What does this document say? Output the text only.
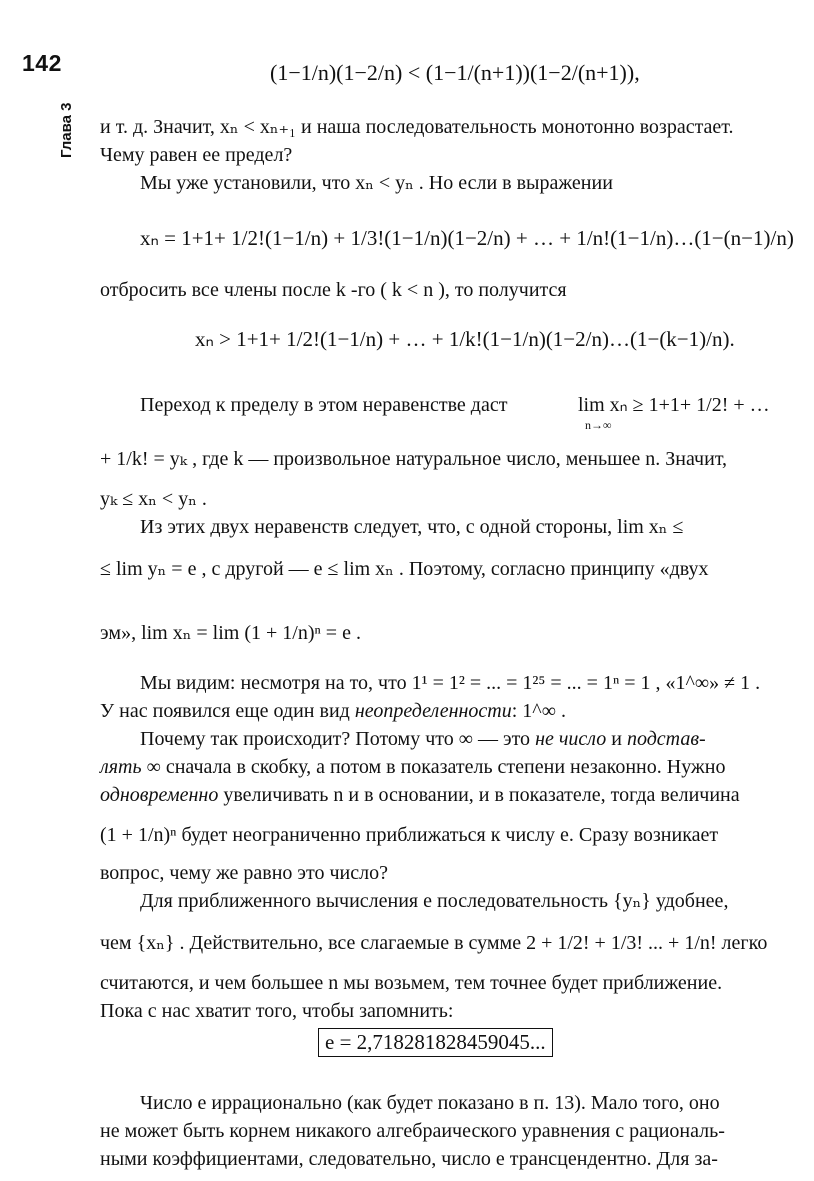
142
Глава 3
(1−1/n)(1−2/n) < (1−1/(n+1))(1−2/(n+1)),

и т. д. Значит, xₙ < xₙ₊₁ и наша последовательность монотонно возрастает.

Чему равен ее предел?

Мы уже установили, что xₙ < yₙ . Но если в выражении

xₙ = 1+1+ 1/2!(1−1/n) + 1/3!(1−1/n)(1−2/n) + … + 1/n!(1−1/n)…(1−(n−1)/n)

отбросить все члены после k -го ( k < n ), то получится

xₙ > 1+1+ 1/2!(1−1/n) + … + 1/k!(1−1/n)(1−2/n)…(1−(k−1)/n).

Переход к пределу в этом неравенстве даст	lim xₙ ≥ 1+1+ 1/2! + …
n→∞

+ 1/k! = yₖ , где k — произвольное натуральное число, меньшее n. Значит,

yₖ ≤ xₙ < yₙ .

Из этих двух неравенств следует, что, с одной стороны, lim xₙ ≤

≤ lim yₙ = e , с другой — e ≤ lim xₙ . Поэтому, согласно принципу «двух

эм», lim xₙ = lim (1 + 1/n)ⁿ = e .

Мы видим: несмотря на то, что 1¹ = 1² = ... = 1²⁵ = ... = 1ⁿ = 1 , «1^∞» ≠ 1 .

У нас появился еще один вид неопределенности: 1^∞ .

Почему так происходит? Потому что ∞ — это не число и подстав-

лять ∞ сначала в скобку, а потом в показатель степени незаконно. Нужно

одновременно увеличивать n и в основании, и в показателе, тогда величина

(1 + 1/n)ⁿ будет неограниченно приближаться к числу e. Сразу возникает

вопрос, чему же равно это число?

Для приближенного вычисления e последовательность {yₙ} удобнее,

чем {xₙ} . Действительно, все слагаемые в сумме 2 + 1/2! + 1/3! ... + 1/n! легко

считаются, и чем большее n мы возьмем, тем точнее будет приближение.

Пока с нас хватит того, чтобы запомнить:

e = 2,718281828459045...

Число e иррационально (как будет показано в п. 13). Мало того, оно

не может быть корнем никакого алгебраического уравнения с рациональ-

ными коэффициентами, следовательно, число e трансцендентно. Для за-
